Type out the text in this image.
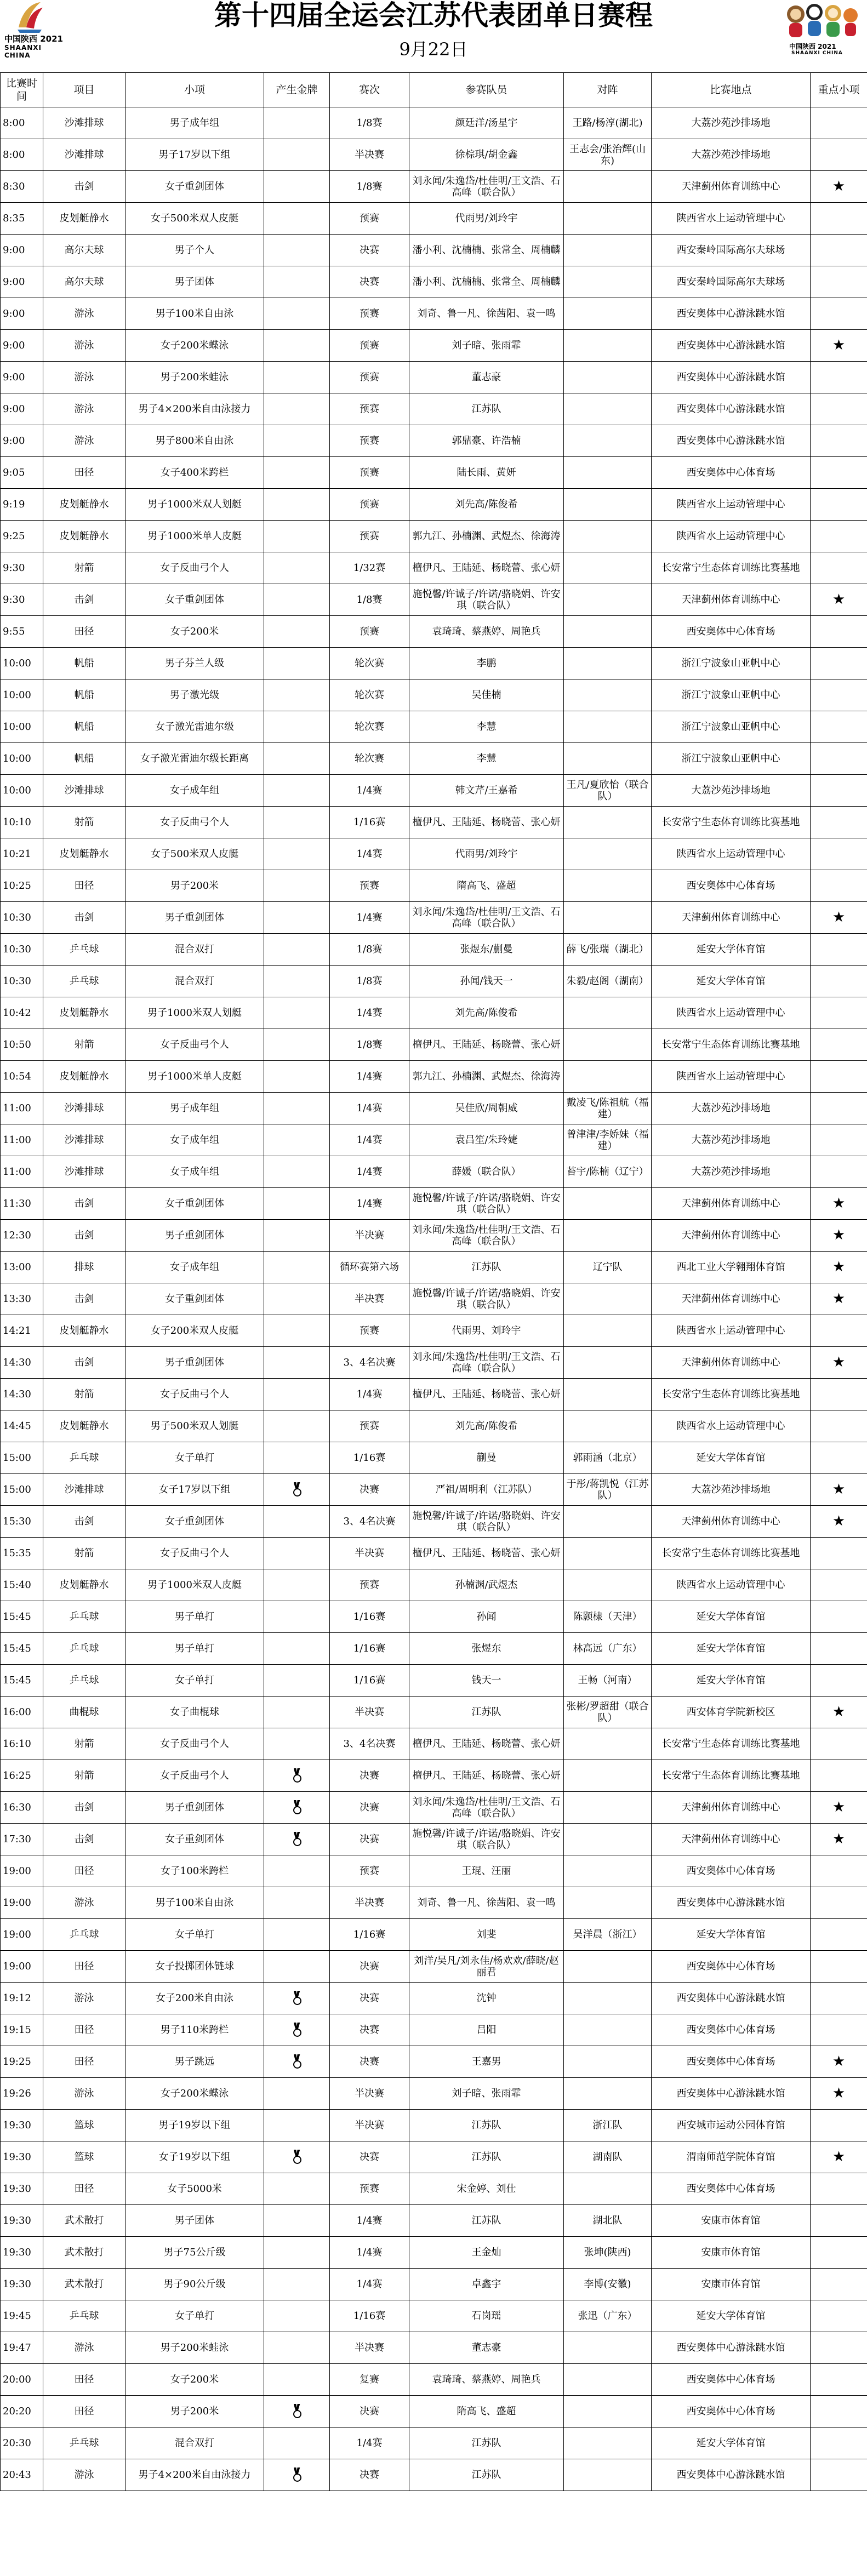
中国陕西 2021
SHAANXI CHINA
第十四届全运会江苏代表团单日赛程
9月22日	中国陕西 2021
SHAANXI CHINA
比赛时间	项目	小项	产生金牌	赛次	参赛队员	对阵	比赛地点	重点小项
8:00	沙滩排球	男子成年组		1/8赛	颜廷洋/汤星宇	王路/杨淳(湖北)	大荔沙苑沙排场地	
8:00	沙滩排球	男子17岁以下组		半决赛	徐棕琪/胡金鑫	王志会/张治辉(山东)	大荔沙苑沙排场地	
8:30	击剑	女子重剑团体		1/8赛	刘永闻/朱逸岱/杜佳明/王文浩、石高峰（联合队）		天津蓟州体育训练中心	★
8:35	皮划艇静水	女子500米双人皮艇		预赛	代雨男/刘玲宇		陕西省水上运动管理中心	
9:00	高尔夫球	男子个人		决赛	潘小利、沈楠楠、张常全、周楠麟		西安秦岭国际高尔夫球场	
9:00	高尔夫球	男子团体		决赛	潘小利、沈楠楠、张常全、周楠麟		西安秦岭国际高尔夫球场	
9:00	游泳	男子100米自由泳		预赛	刘奇、鲁一凡、徐茜阳、袁一鸣		西安奥体中心游泳跳水馆	
9:00	游泳	女子200米蝶泳		预赛	刘子暗、张雨霏		西安奥体中心游泳跳水馆	★
9:00	游泳	男子200米蛙泳		预赛	董志豪		西安奥体中心游泳跳水馆	
9:00	游泳	男子4×200米自由泳接力		预赛	江苏队		西安奥体中心游泳跳水馆	
9:00	游泳	男子800米自由泳		预赛	郭鼎豪、许浩楠		西安奥体中心游泳跳水馆	
9:05	田径	女子400米跨栏		预赛	陆长雨、黄妍		西安奥体中心体育场	
9:19	皮划艇静水	男子1000米双人划艇		预赛	刘先高/陈俊希		陕西省水上运动管理中心	
9:25	皮划艇静水	男子1000米单人皮艇		预赛	郭九江、孙楠渊、武煜杰、徐海涛		陕西省水上运动管理中心	
9:30	射箭	女子反曲弓个人		1/32赛	檀伊凡、王陆延、杨晓蕾、张心妍		长安常宁生态体育训练比赛基地	
9:30	击剑	女子重剑团体		1/8赛	施悦馨/许诚子/许诺/骆晓娟、许安琪（联合队）		天津蓟州体育训练中心	★
9:55	田径	女子200米		预赛	袁琦琦、蔡燕婷、周艳兵		西安奥体中心体育场	
10:00	帆船	男子芬兰人级		轮次赛	李鹏		浙江宁波象山亚帆中心	
10:00	帆船	男子激光级		轮次赛	吴佳楠		浙江宁波象山亚帆中心	
10:00	帆船	女子激光雷迪尔级		轮次赛	李慧		浙江宁波象山亚帆中心	
10:00	帆船	女子激光雷迪尔级长距离		轮次赛	李慧		浙江宁波象山亚帆中心	
10:00	沙滩排球	女子成年组		1/4赛	韩文芹/王嘉希	王凡/夏欣怡（联合队）	大荔沙苑沙排场地	
10:10	射箭	女子反曲弓个人		1/16赛	檀伊凡、王陆延、杨晓蕾、张心妍		长安常宁生态体育训练比赛基地	
10:21	皮划艇静水	女子500米双人皮艇		1/4赛	代雨男/刘玲宇		陕西省水上运动管理中心	
10:25	田径	男子200米		预赛	隋高飞、盛超		西安奥体中心体育场	
10:30	击剑	男子重剑团体		1/4赛	刘永闻/朱逸岱/杜佳明/王文浩、石高峰（联合队）		天津蓟州体育训练中心	★
10:30	乒乓球	混合双打		1/8赛	张煜东/蒯曼	薛飞/张瑞（湖北）	延安大学体育馆	
10:30	乒乓球	混合双打		1/8赛	孙闻/钱天一	朱毅/赵阁（湖南）	延安大学体育馆	
10:42	皮划艇静水	男子1000米双人划艇		1/4赛	刘先高/陈俊希		陕西省水上运动管理中心	
10:50	射箭	女子反曲弓个人		1/8赛	檀伊凡、王陆延、杨晓蕾、张心妍		长安常宁生态体育训练比赛基地	
10:54	皮划艇静水	男子1000米单人皮艇		1/4赛	郭九江、孙楠渊、武煜杰、徐海涛		陕西省水上运动管理中心	
11:00	沙滩排球	男子成年组		1/4赛	吴佳欣/周朝威	戴凌飞/陈祖航（福建）	大荔沙苑沙排场地	
11:00	沙滩排球	女子成年组		1/4赛	袁吕笙/朱玲婕	曾津津/李娇妹（福建）	大荔沙苑沙排场地	
11:00	沙滩排球	女子成年组		1/4赛	薛媛（联合队）	苔宇/陈楠（辽宁）	大荔沙苑沙排场地	
11:30	击剑	女子重剑团体		1/4赛	施悦馨/许诚子/许诺/骆晓娟、许安琪（联合队）		天津蓟州体育训练中心	★
12:30	击剑	男子重剑团体		半决赛	刘永闻/朱逸岱/杜佳明/王文浩、石高峰（联合队）		天津蓟州体育训练中心	★
13:00	排球	女子成年组		循环赛第六场	江苏队	辽宁队	西北工业大学翱翔体育馆	★
13:30	击剑	女子重剑团体		半决赛	施悦馨/许诚子/许诺/骆晓娟、许安琪（联合队）		天津蓟州体育训练中心	★
14:21	皮划艇静水	女子200米双人皮艇		预赛	代雨男、刘玲宇		陕西省水上运动管理中心	
14:30	击剑	男子重剑团体		3、4名决赛	刘永闻/朱逸岱/杜佳明/王文浩、石高峰（联合队）		天津蓟州体育训练中心	★
14:30	射箭	女子反曲弓个人		1/4赛	檀伊凡、王陆延、杨晓蕾、张心妍		长安常宁生态体育训练比赛基地	
14:45	皮划艇静水	男子500米双人划艇		预赛	刘先高/陈俊希		陕西省水上运动管理中心	
15:00	乒乓球	女子单打		1/16赛	蒯曼	郭雨涵（北京）	延安大学体育馆	
15:00	沙滩排球	女子17岁以下组		决赛	严祖/周明利（江苏队）	于彤/蒋凯悦（江苏队）	大荔沙苑沙排场地	★
15:30	击剑	女子重剑团体		3、4名决赛	施悦馨/许诚子/许诺/骆晓娟、许安琪（联合队）		天津蓟州体育训练中心	★
15:35	射箭	女子反曲弓个人		半决赛	檀伊凡、王陆延、杨晓蕾、张心妍		长安常宁生态体育训练比赛基地	
15:40	皮划艇静水	男子1000米双人皮艇		预赛	孙楠渊/武煜杰		陕西省水上运动管理中心	
15:45	乒乓球	男子单打		1/16赛	孙闻	陈颢棣（天津）	延安大学体育馆	
15:45	乒乓球	男子单打		1/16赛	张煜东	林高远（广东）	延安大学体育馆	
15:45	乒乓球	女子单打		1/16赛	钱天一	王畅（河南）	延安大学体育馆	
16:00	曲棍球	女子曲棍球		半决赛	江苏队	张彬/罗超甜（联合队）	西安体育学院新校区	★
16:10	射箭	女子反曲弓个人		3、4名决赛	檀伊凡、王陆延、杨晓蕾、张心妍		长安常宁生态体育训练比赛基地	
16:25	射箭	女子反曲弓个人		决赛	檀伊凡、王陆延、杨晓蕾、张心妍		长安常宁生态体育训练比赛基地	
16:30	击剑	男子重剑团体		决赛	刘永闻/朱逸岱/杜佳明/王文浩、石高峰（联合队）		天津蓟州体育训练中心	★
17:30	击剑	女子重剑团体		决赛	施悦馨/许诚子/许诺/骆晓娟、许安琪（联合队）		天津蓟州体育训练中心	★
19:00	田径	女子100米跨栏		预赛	王琨、汪丽		西安奥体中心体育场	
19:00	游泳	男子100米自由泳		半决赛	刘奇、鲁一凡、徐茜阳、袁一鸣		西安奥体中心游泳跳水馆	
19:00	乒乓球	女子单打		1/16赛	刘斐	吴洋晨（浙江）	延安大学体育馆	
19:00	田径	女子投掷团体链球		决赛	刘洋/吴凡/刘永佳/杨欢欢/薛晓/赵丽君		西安奥体中心体育场	
19:12	游泳	女子200米自由泳		决赛	沈钟		西安奥体中心游泳跳水馆	
19:15	田径	男子110米跨栏		决赛	吕阳		西安奥体中心体育场	
19:25	田径	男子跳远		决赛	王嘉男		西安奥体中心体育场	★
19:26	游泳	女子200米蝶泳		半决赛	刘子暗、张雨霏		西安奥体中心游泳跳水馆	★
19:30	篮球	男子19岁以下组		半决赛	江苏队	浙江队	西安城市运动公园体育馆	
19:30	篮球	女子19岁以下组		决赛	江苏队	湖南队	渭南师范学院体育馆	★
19:30	田径	女子5000米		预赛	宋金婷、刘仕		西安奥体中心体育场	
19:30	武术散打	男子团体		1/4赛	江苏队	湖北队	安康市体育馆	
19:30	武术散打	男子75公斤级		1/4赛	王金灿	张坤(陕西)	安康市体育馆	
19:30	武术散打	男子90公斤级		1/4赛	卓鑫宇	李博(安徽)	安康市体育馆	
19:45	乒乓球	女子单打		1/16赛	石岗瑶	张迅（广东）	延安大学体育馆	
19:47	游泳	男子200米蛙泳		半决赛	董志豪		西安奥体中心游泳跳水馆	
20:00	田径	女子200米		复赛	袁琦琦、蔡燕婷、周艳兵		西安奥体中心体育场	
20:20	田径	男子200米		决赛	隋高飞、盛超		西安奥体中心体育场	
20:30	乒乓球	混合双打		1/4赛	江苏队		延安大学体育馆	
20:43	游泳	男子4×200米自由泳接力		决赛	江苏队		西安奥体中心游泳跳水馆	
